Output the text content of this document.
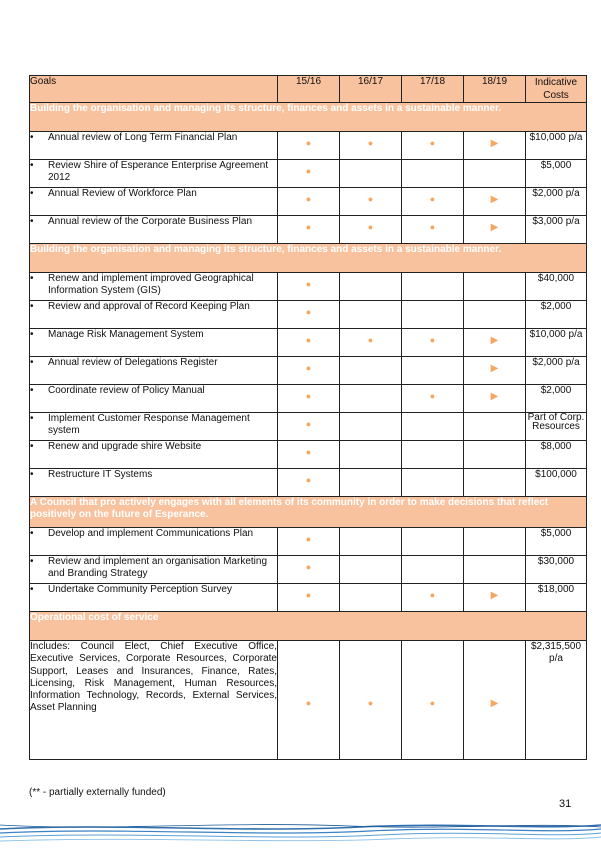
Goals	15/16	16/17	17/18	18/19	Indicative Costs
Building the organisation and managing its structure, finances and assets in a sustainable manner.					

• Annual review of Long Term Financial Plan	●	●	●	▶	$10,000 p/a

• Review Shire of Esperance Enterprise Agreement 2012	●				$5,000

• Annual Review of Workforce Plan	●	●	●	▶	$2,000 p/a

• Annual review of the Corporate Business Plan	●	●	●	▶	$3,000 p/a
Building the organisation and managing its structure, finances and assets in a sustainable manner.					

• Renew and implement improved Geographical Information System (GIS)	●				$40,000

• Review and approval of Record Keeping Plan	●				$2,000

• Manage Risk Management System	●	●	●	▶	$10,000 p/a

• Annual review of Delegations Register	●			▶	$2,000 p/a

• Coordinate review of Policy Manual	●		●	▶	$2,000

• Implement Customer Response Management system	●				Part of Corp. Resources

• Renew and upgrade shire Website	●				$8,000

• Restructure IT Systems	●				$100,000
A Council that pro actively engages with all elements of its community in order to make decisions that reflect positively on the future of Esperance.					

• Develop and implement Communications Plan	●				$5,000

• Review and implement an organisation Marketing and Branding Strategy	●				$30,000

• Undertake Community Perception Survey	●		●	▶	$18,000
Operational cost of service					
Includes: Council Elect, Chief Executive Office, Executive Services, Corporate Resources, Corporate Support, Leases and Insurances, Finance, Rates, Licensing, Risk Management, Human Resources, Information Technology, Records, External Services, Asset Planning	●	●	●	▶	$2,315,500 p/a
(** - partially externally funded)
31
